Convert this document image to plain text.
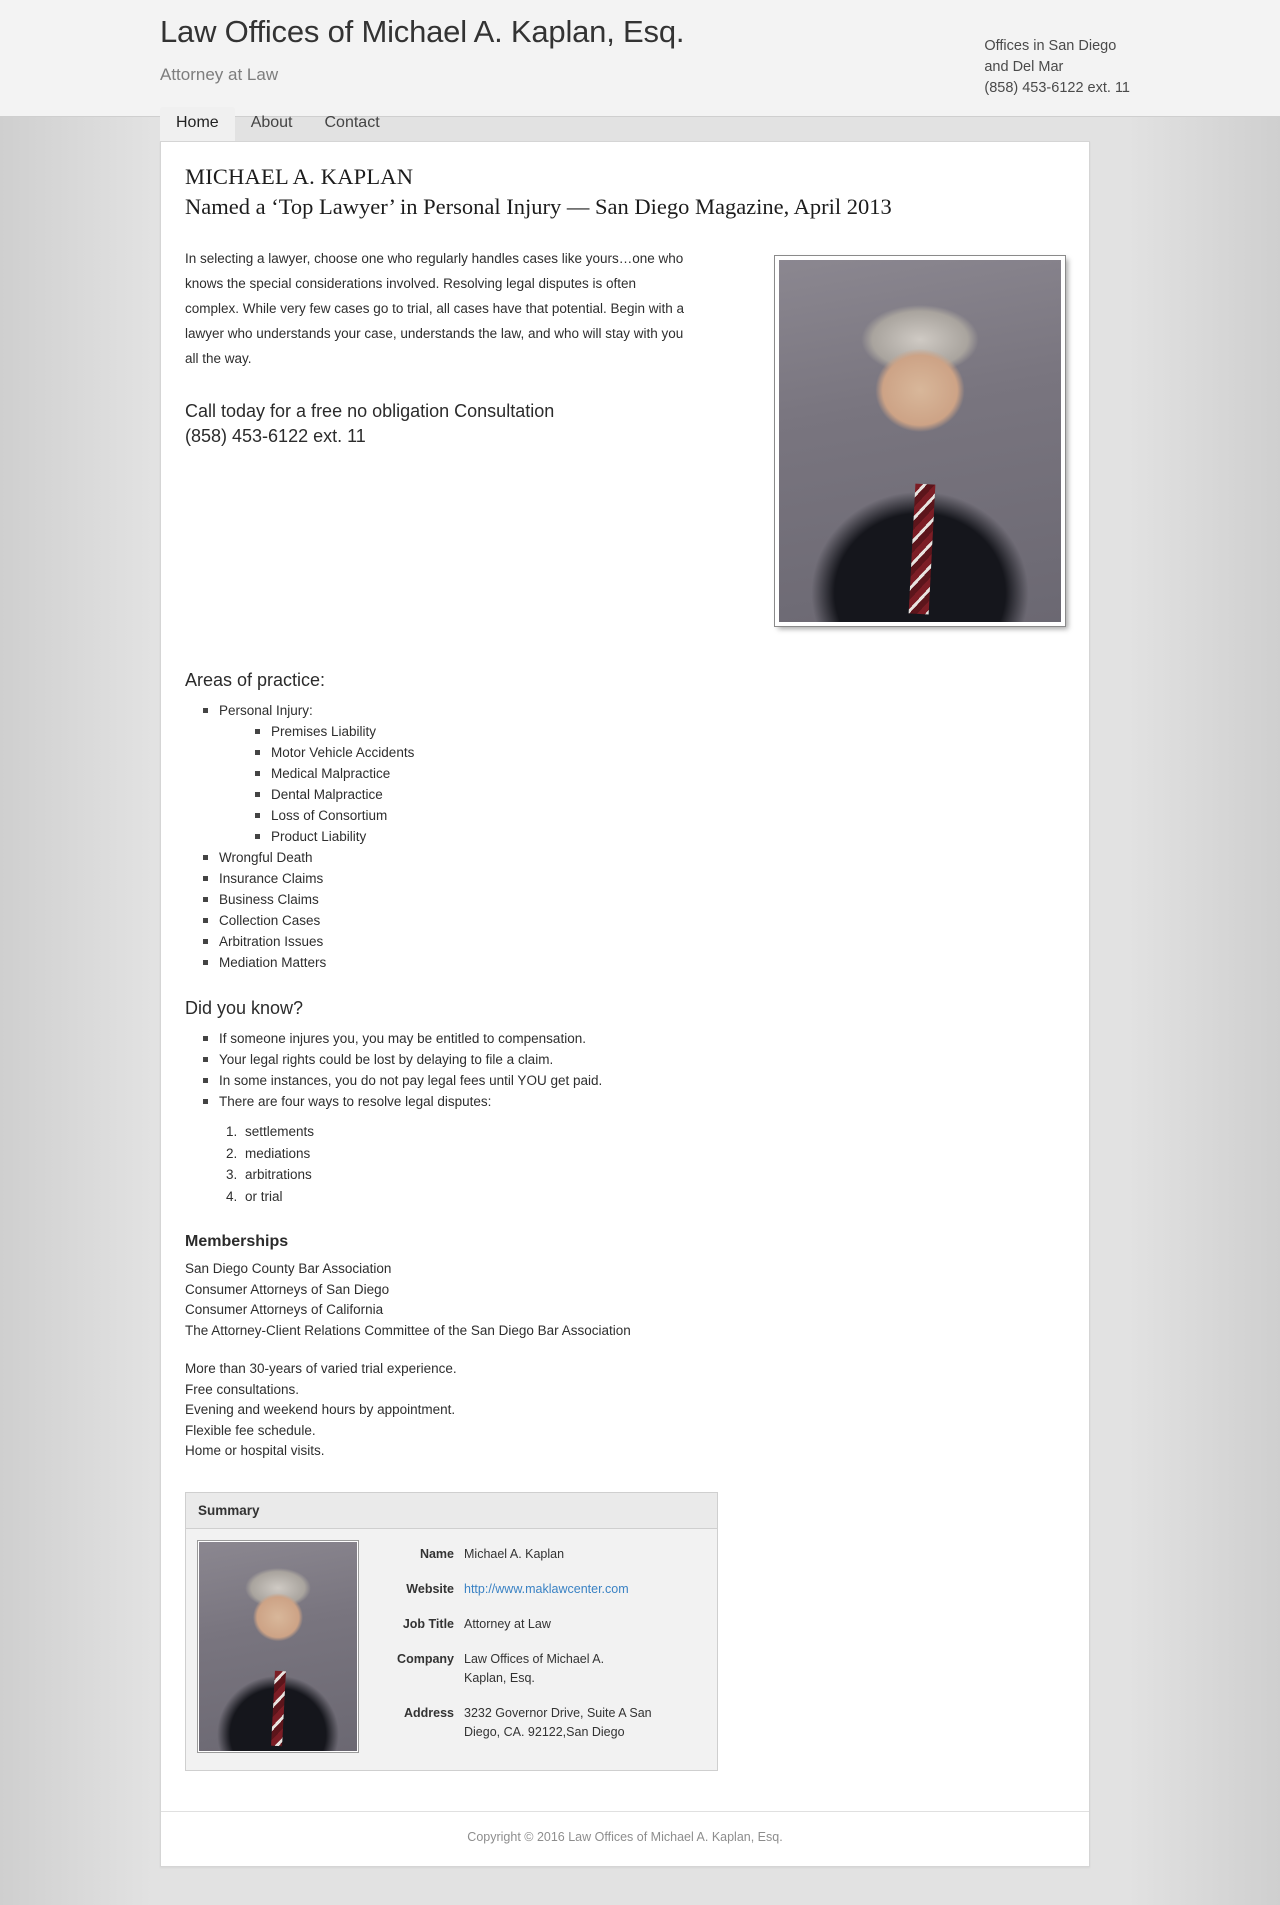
Law Offices of Michael A. Kaplan, Esq.
Attorney at Law
Offices in San Diego
and Del Mar
(858) 453-6122 ext. 11
Home	About	Contact
MICHAEL A. KAPLAN
Named a ‘Top Lawyer’ in Personal Injury — San Diego Magazine, April 2013
In selecting a lawyer, choose one who regularly handles cases like yours…one who knows the special considerations involved. Resolving legal disputes is often complex. While very few cases go to trial, all cases have that potential. Begin with a lawyer who understands your case, understands the law, and who will stay with you all the way.
Call today for a free no obligation Consultation
(858) 453-6122 ext. 11
Areas of practice:
Personal Injury:
Premises Liability
Motor Vehicle Accidents
Medical Malpractice
Dental Malpractice
Loss of Consortium
Product Liability
Wrongful Death
Insurance Claims
Business Claims
Collection Cases
Arbitration Issues
Mediation Matters
Did you know?
If someone injures you, you may be entitled to compensation.
Your legal rights could be lost by delaying to file a claim.
In some instances, you do not pay legal fees until YOU get paid.
There are four ways to resolve legal disputes:
1. settlements
2. mediations
3. arbitrations
4. or trial
Memberships
San Diego County Bar Association
Consumer Attorneys of San Diego
Consumer Attorneys of California
The Attorney-Client Relations Committee of the San Diego Bar Association
More than 30-years of varied trial experience.
Free consultations.
Evening and weekend hours by appointment.
Flexible fee schedule.
Home or hospital visits.
Summary
Name Michael A. Kaplan
Website http://www.maklawcenter.com
Job Title Attorney at Law
Company Law Offices of Michael A. Kaplan, Esq.
Address 3232 Governor Drive, Suite A San Diego, CA. 92122,San Diego
Copyright © 2016 Law Offices of Michael A. Kaplan, Esq.
